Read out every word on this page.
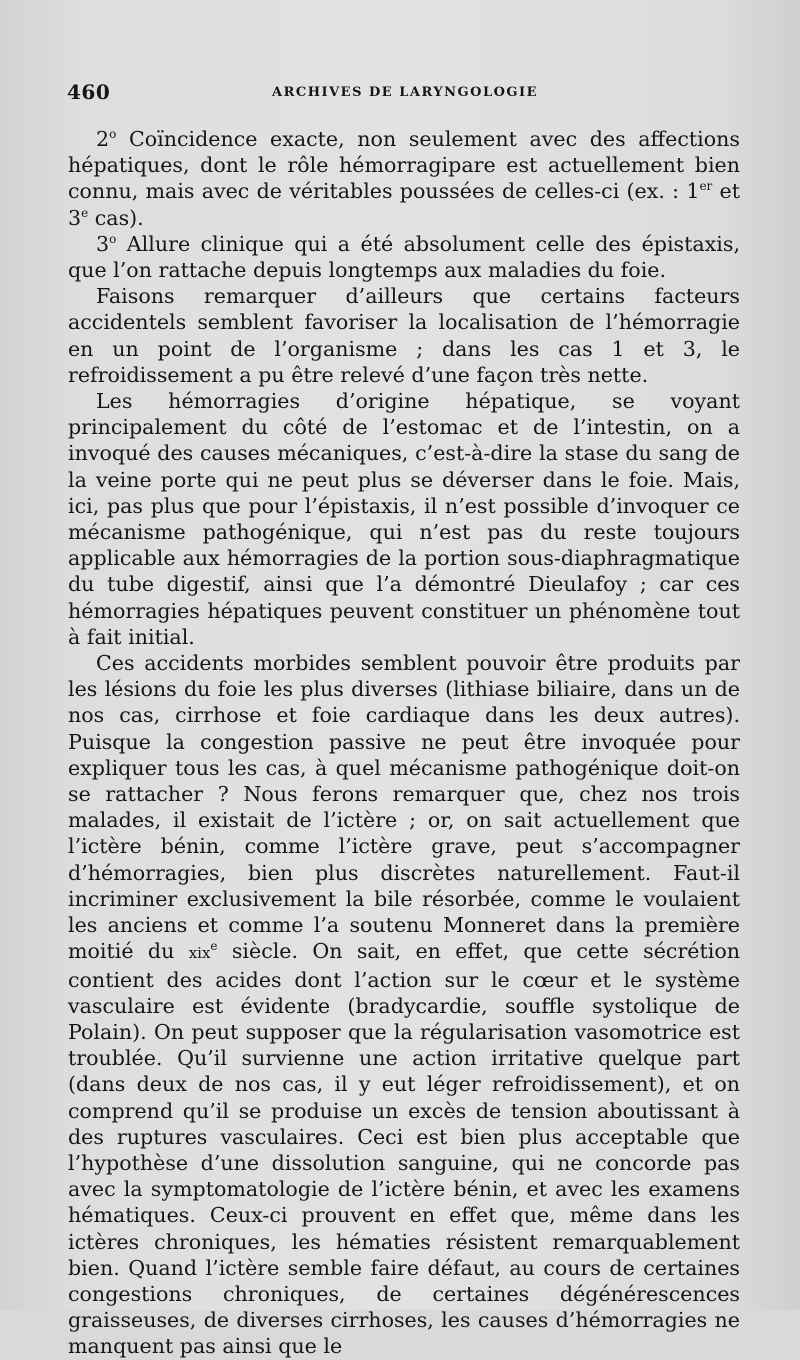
460	ARCHIVES DE LARYNGOLOGIE

2$^o$ Coïncidence exacte, non seulement avec des affections hépatiques, dont le rôle hémorragipare est actuellement bien connu, mais avec de véritables poussées de celles-ci (ex. : 1er et 3e cas).

3$^o$ Allure clinique qui a été absolument celle des épistaxis, que l’on rattache depuis longtemps aux maladies du foie.

Faisons remarquer d’ailleurs que certains facteurs accidentels semblent favoriser la localisation de l’hémorragie en un point de l’organisme ; dans les cas 1 et 3, le refroidissement a pu être relevé d’une façon très nette.

Les hémorragies d’origine hépatique, se voyant principalement du côté de l’estomac et de l’intestin, on a invoqué des causes mécaniques, c’est-à-dire la stase du sang de la veine porte qui ne peut plus se déverser dans le foie. Mais, ici, pas plus que pour l’épistaxis, il n’est possible d’invoquer ce mécanisme pathogénique, qui n’est pas du reste toujours applicable aux hémorragies de la portion sous-diaphragmatique du tube digestif, ainsi que l’a démontré Dieulafoy ; car ces hémorragies hépatiques peuvent constituer un phénomène tout à fait initial.

Ces accidents morbides semblent pouvoir être produits par les lésions du foie les plus diverses (lithiase biliaire, dans un de nos cas, cirrhose et foie cardiaque dans les deux autres). Puisque la congestion passive ne peut être invoquée pour expliquer tous les cas, à quel mécanisme pathogénique doit-on se rattacher ? Nous ferons remarquer que, chez nos trois malades, il existait de l’ictère ; or, on sait actuellement que l’ictère bénin, comme l’ictère grave, peut s’accompagner d’hémorragies, bien plus discrètes naturellement. Faut-il incriminer exclusivement la bile résorbée, comme le voulaient les anciens et comme l’a soutenu Monneret dans la première moitié du xix$^e$ siècle. On sait, en effet, que cette sécrétion contient des acides dont l’action sur le cœur et le système vasculaire est évidente (bradycardie, souffle systolique de Polain). On peut supposer que la régularisation vasomotrice est troublée. Qu’il survienne une action irritative quelque part (dans deux de nos cas, il y eut léger refroidissement), et on comprend qu’il se produise un excès de tension aboutissant à des ruptures vasculaires. Ceci est bien plus acceptable que l’hypothèse d’une dissolution sanguine, qui ne concorde pas avec la symptomatologie de l’ictère bénin, et avec les examens hématiques. Ceux-ci prouvent en effet que, même dans les ictères chroniques, les hématies résistent remarquablement bien. Quand l’ictère semble faire défaut, au cours de certaines congestions chroniques, de certaines dégénérescences graisseuses, de diverses cirrhoses, les causes d’hémorragies ne manquent pas ainsi que le
